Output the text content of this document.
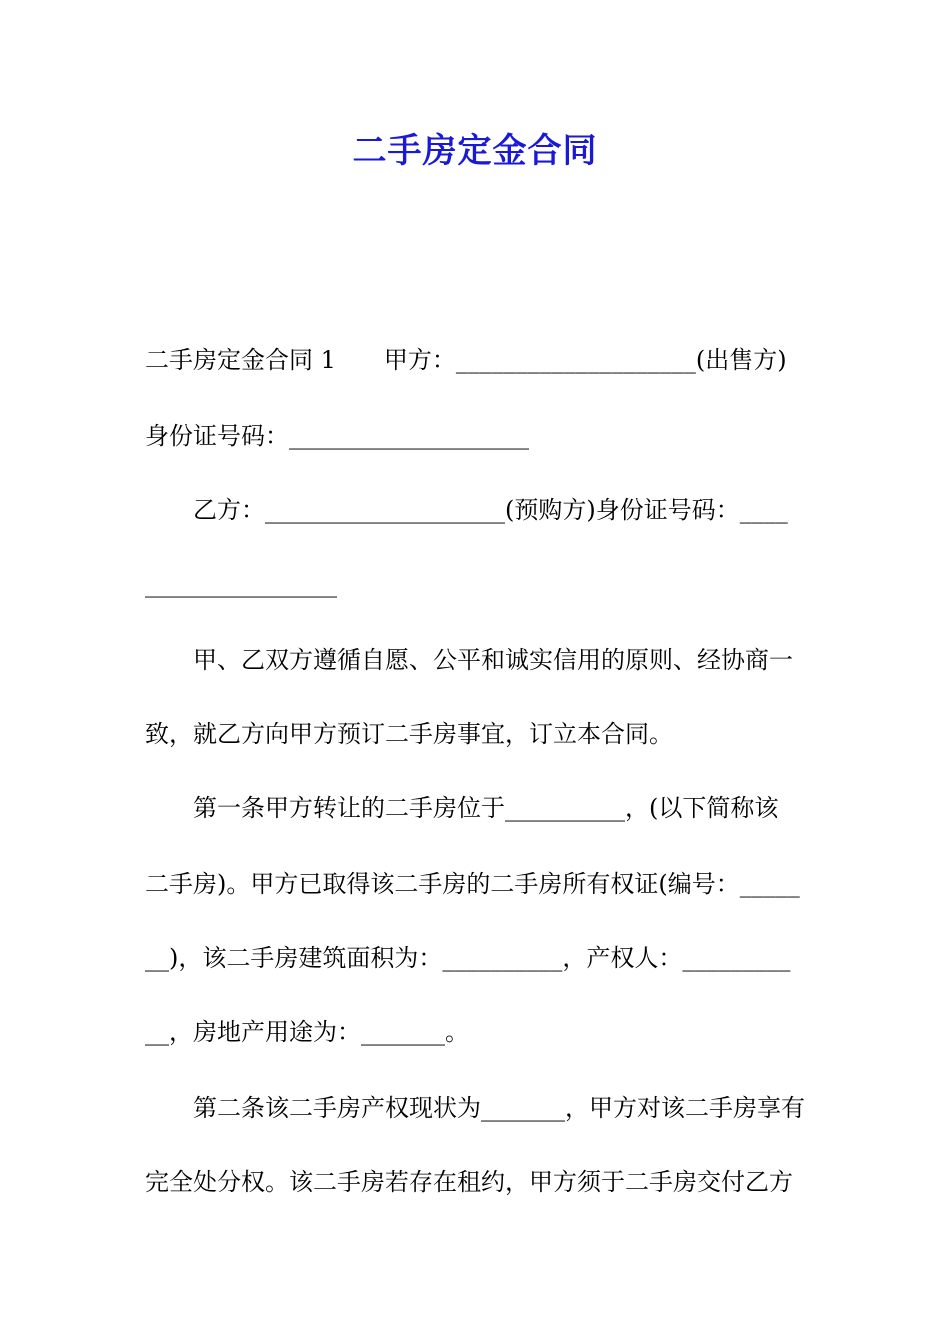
二手房定金合同
二手房定金合同 1　　甲方：____________________(出售方)
身份证号码：____________________
乙方：____________________(预购方)身份证号码：____
________________
甲、乙双方遵循自愿、公平和诚实信用的原则、经协商一
致，就乙方向甲方预订二手房事宜，订立本合同。
第一条甲方转让的二手房位于__________，(以下简称该
二手房)。甲方已取得该二手房的二手房所有权证(编号：_____
__)，该二手房建筑面积为：__________，产权人：_________
__，房地产用途为：_______。
第二条该二手房产权现状为_______，甲方对该二手房享有
完全处分权。该二手房若存在租约，甲方须于二手房交付乙方
